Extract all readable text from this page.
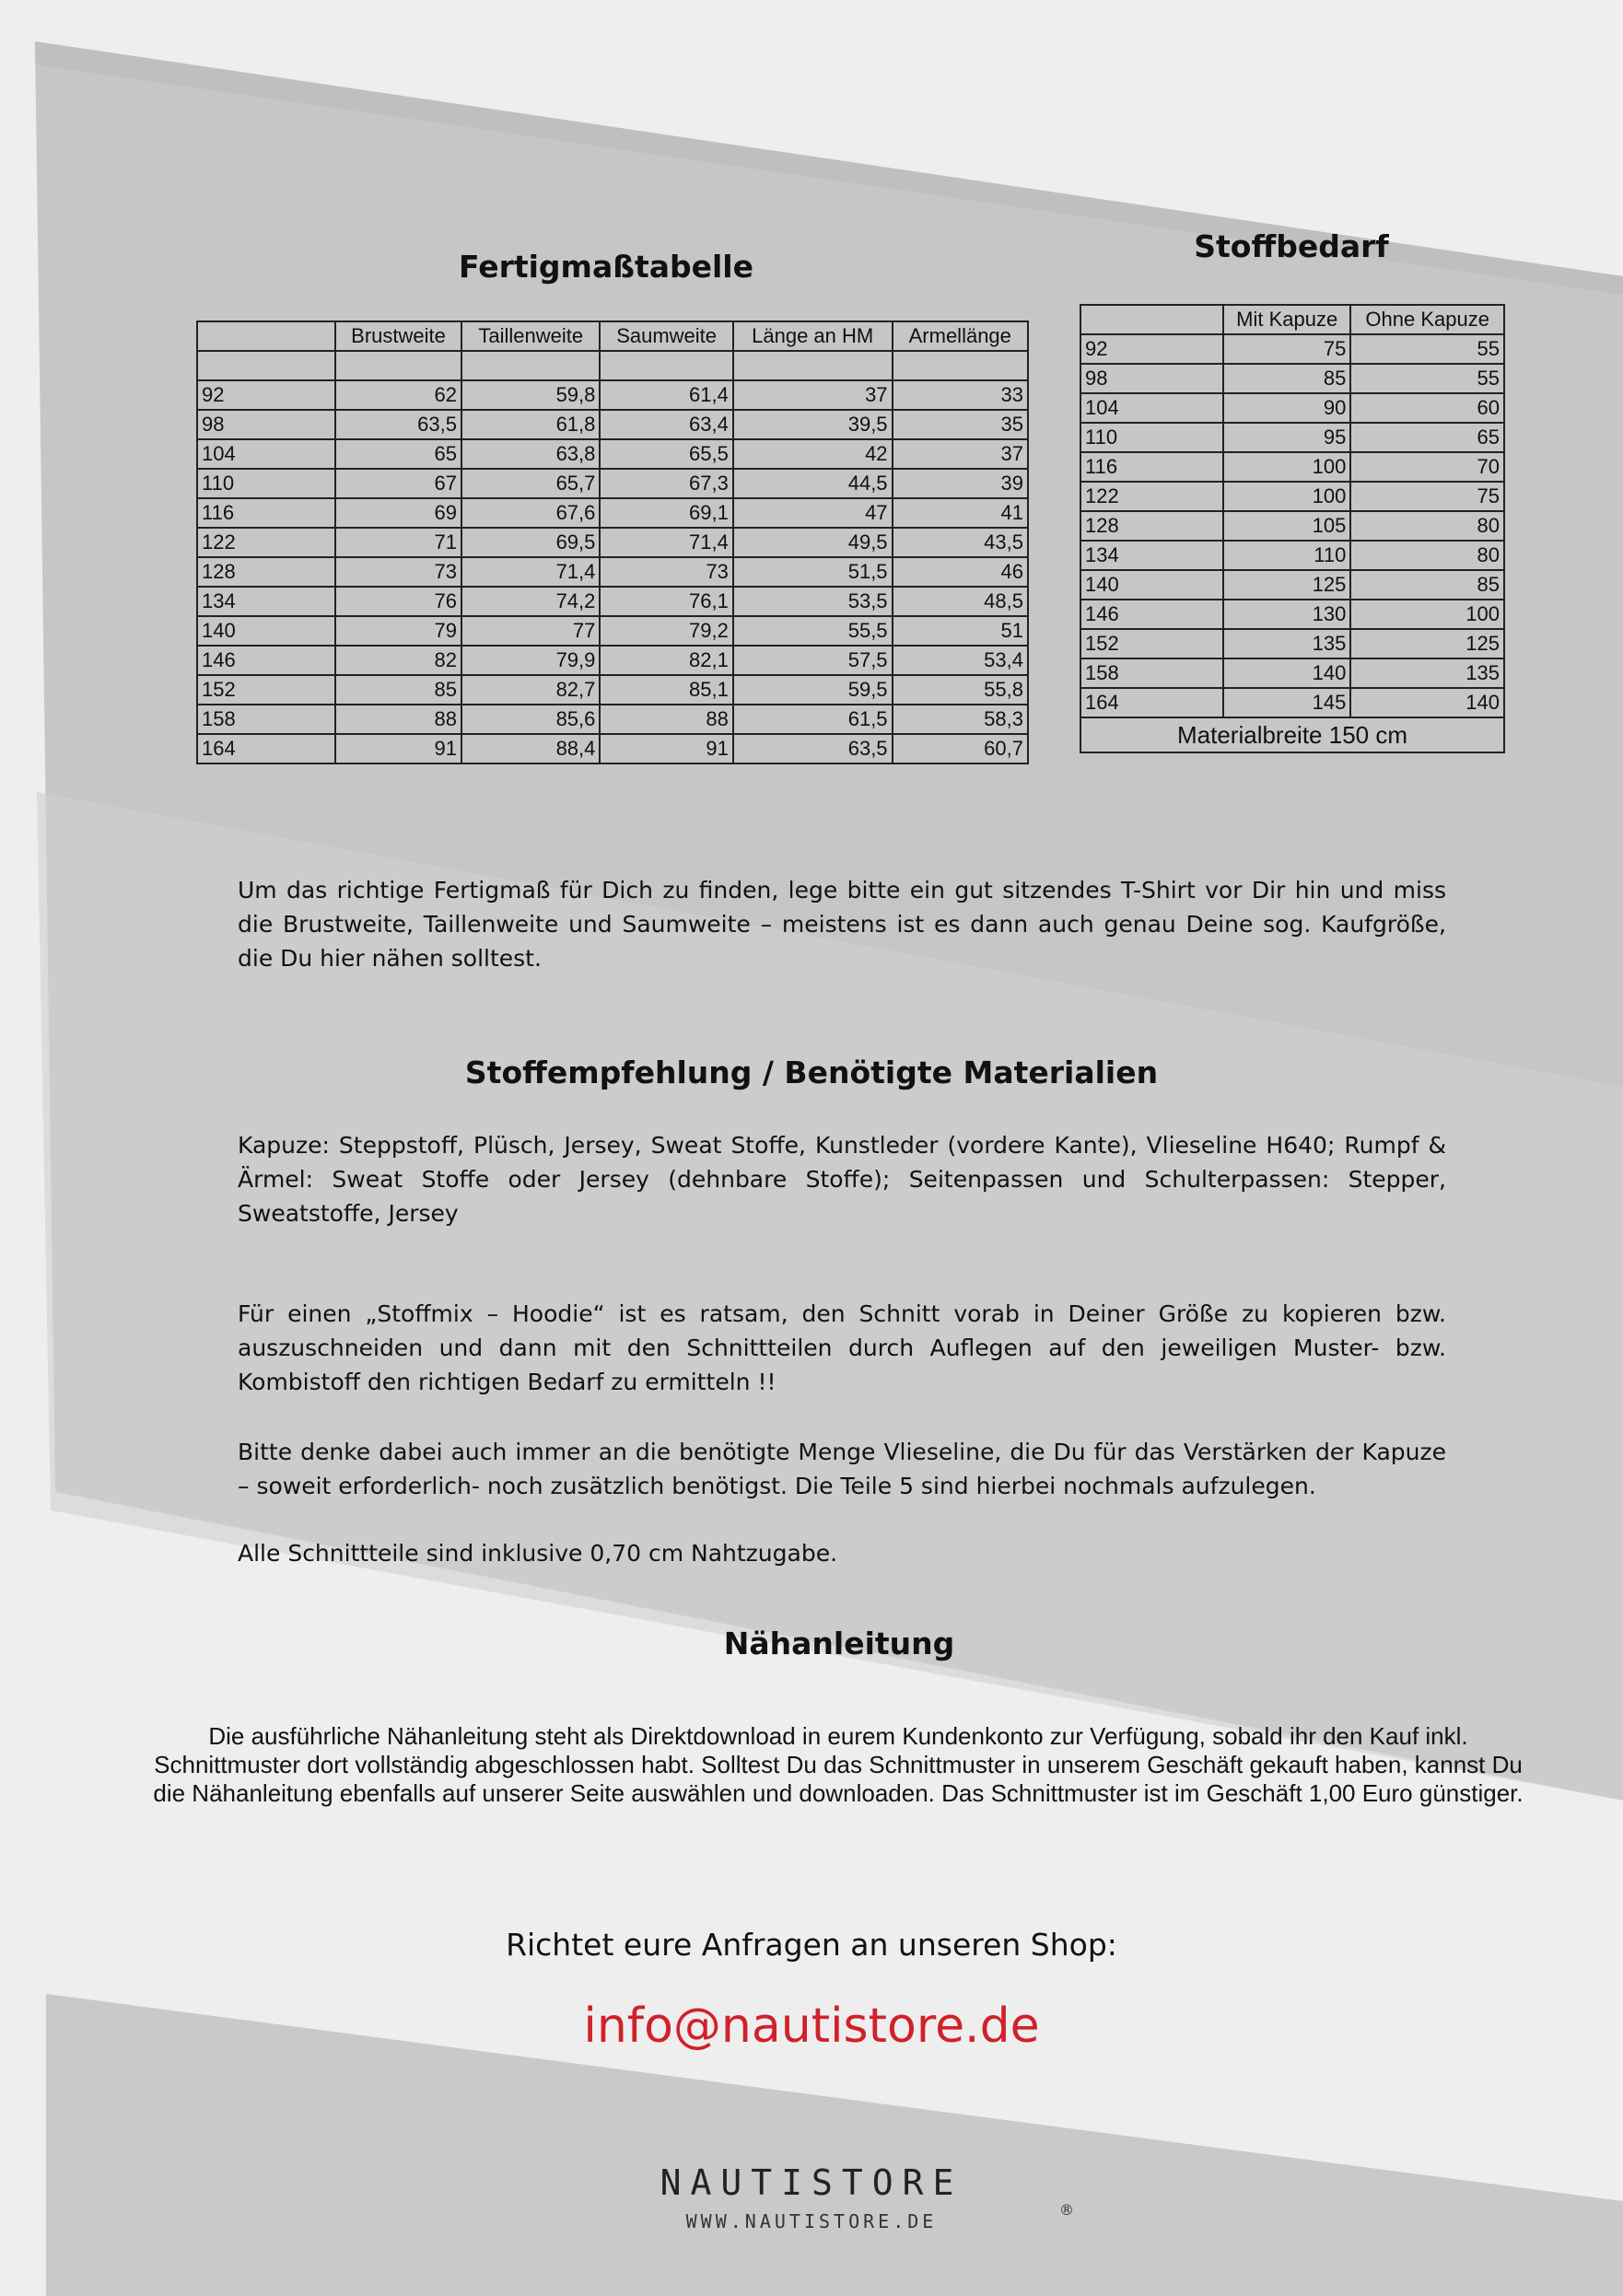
Fertigmaßtabelle
	Brustweite	Taillenweite	Saumweite	Länge an HM	Armellänge

92	62	59,8	61,4	37	33
98	63,5	61,8	63,4	39,5	35
104	65	63,8	65,5	42	37
110	67	65,7	67,3	44,5	39
116	69	67,6	69,1	47	41
122	71	69,5	71,4	49,5	43,5
128	73	71,4	73	51,5	46
134	76	74,2	76,1	53,5	48,5
140	79	77	79,2	55,5	51
146	82	79,9	82,1	57,5	53,4
152	85	82,7	85,1	59,5	55,8
158	88	85,6	88	61,5	58,3
164	91	88,4	91	63,5	60,7
Stoffbedarf
	Mit Kapuze	Ohne Kapuze
92	75	55
98	85	55
104	90	60
110	95	65
116	100	70
122	100	75
128	105	80
134	110	80
140	125	85
146	130	100
152	135	125
158	140	135
164	145	140
Materialbreite 150 cm		

Um das richtige Fertigmaß für Dich zu finden, lege bitte ein gut sitzendes T-Shirt vor Dir hin und miss die Brustweite, Taillenweite und Saumweite – meistens ist es dann auch genau Deine sog. Kaufgröße, die Du hier nähen solltest.

Stoffempfehlung / Benötigte Materialien

Kapuze: Steppstoff, Plüsch, Jersey, Sweat Stoffe, Kunstleder (vordere Kante), Vlieseline H640; Rumpf & Ärmel: Sweat Stoffe oder Jersey (dehnbare Stoffe); Seitenpassen und Schulterpassen: Stepper, Sweatstoffe, Jersey

Für einen „Stoffmix – Hoodie“ ist es ratsam, den Schnitt vorab in Deiner Größe zu kopieren bzw. auszuschneiden und dann mit den Schnittteilen durch Auflegen auf den jeweiligen Muster- bzw. Kombistoff den richtigen Bedarf zu ermitteln !!

Bitte denke dabei auch immer an die benötigte Menge Vlieseline, die Du für das Verstärken der Kapuze – soweit erforderlich- noch zusätzlich benötigst. Die Teile 5 sind hierbei nochmals aufzulegen.

Alle Schnittteile sind inklusive 0,70 cm Nahtzugabe.

Nähanleitung

Die ausführliche Nähanleitung steht als Direktdownload in eurem Kundenkonto zur Verfügung, sobald ihr den Kauf inkl. Schnittmuster dort vollständig abgeschlossen habt. Solltest Du das Schnittmuster in unserem Geschäft gekauft haben, kannst Du die Nähanleitung ebenfalls auf unserer Seite auswählen und downloaden. Das Schnittmuster ist im Geschäft 1,00 Euro günstiger.

Richtet eure Anfragen an unseren Shop:

info@nautistore.de

NAUTISTORE

WWW.NAUTISTORE.DE

®
